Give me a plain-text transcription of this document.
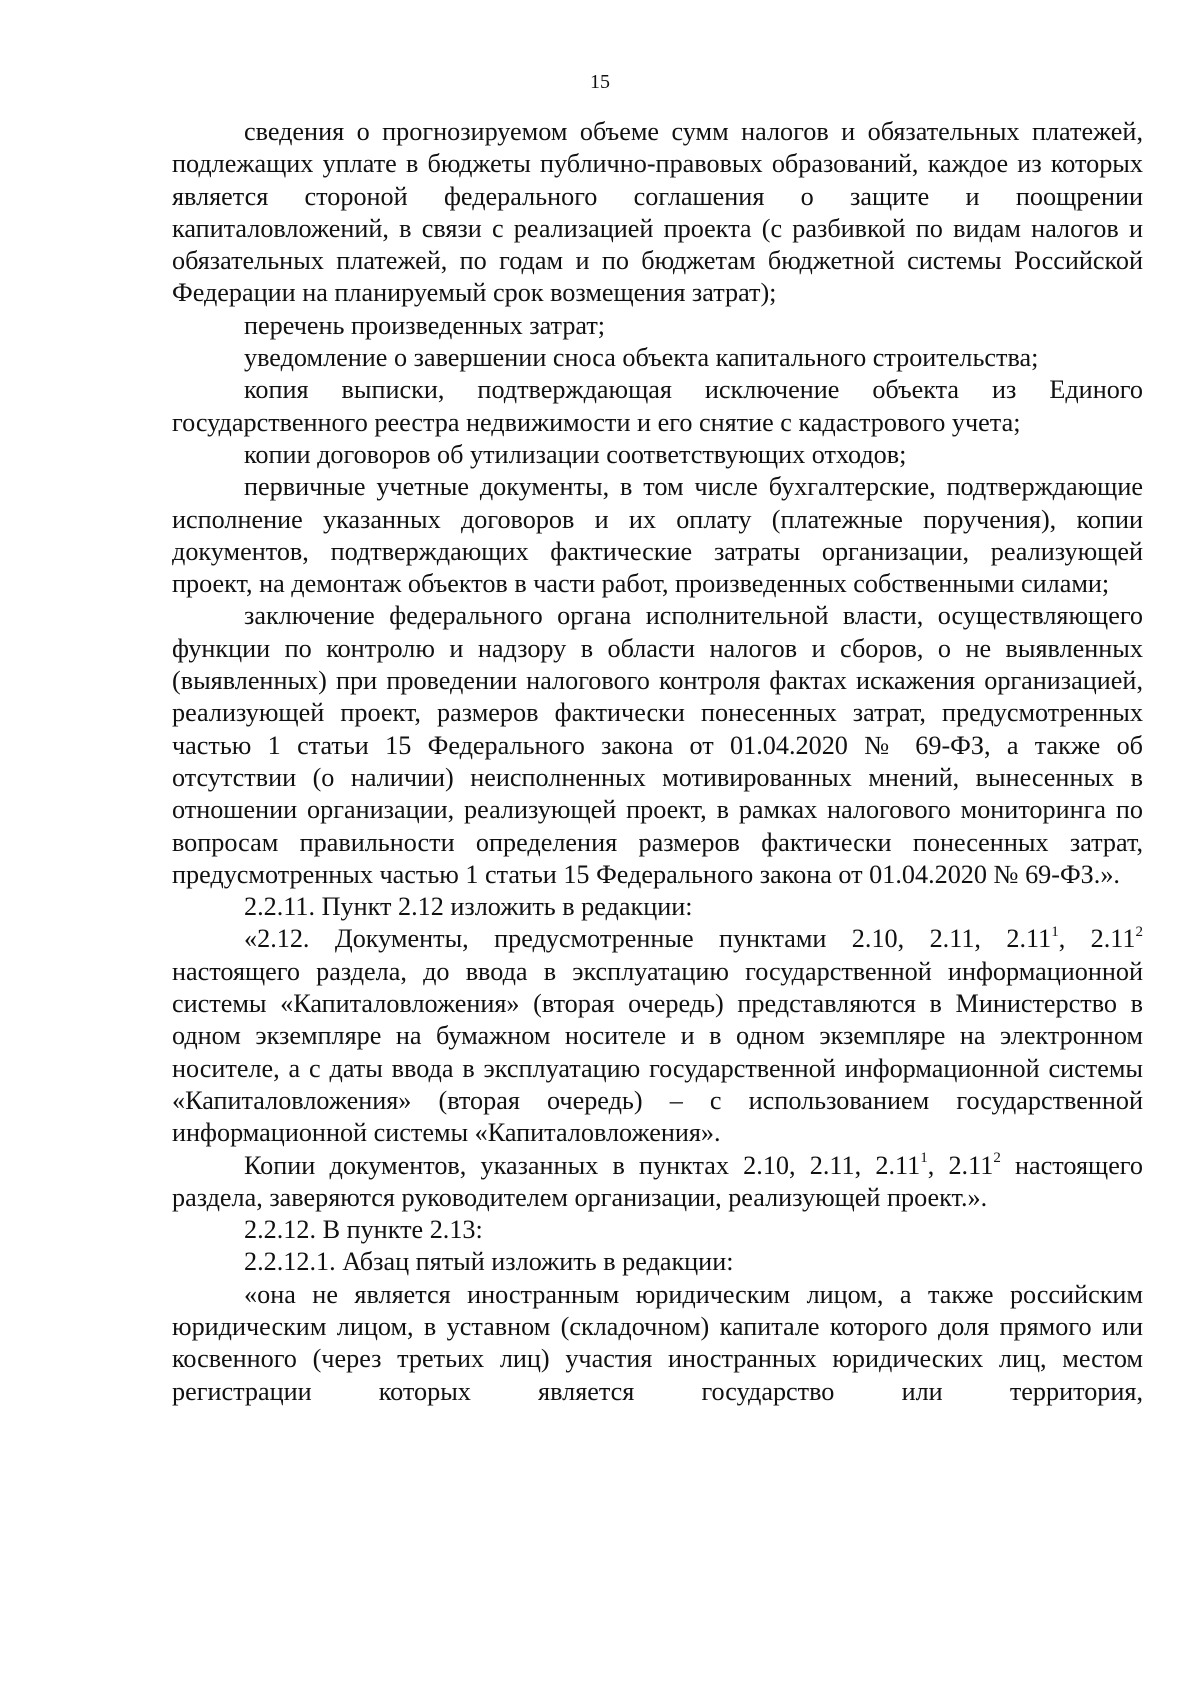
15

сведения о прогнозируемом объеме сумм налогов и обязательных платежей, подлежащих уплате в бюджеты публично-правовых образований, каждое из которых является стороной федерального соглашения о защите и поощрении капиталовложений, в связи с реализацией проекта (с разбивкой по видам налогов и обязательных платежей, по годам и по бюджетам бюджетной системы Российской Федерации на планируемый срок возмещения затрат);

перечень произведенных затрат;

уведомление о завершении сноса объекта капитального строительства;

копия выписки, подтверждающая исключение объекта из Единого государственного реестра недвижимости и его снятие с кадастрового учета;

копии договоров об утилизации соответствующих отходов;

первичные учетные документы, в том числе бухгалтерские, подтверждающие исполнение указанных договоров и их оплату (платежные поручения), копии документов, подтверждающих фактические затраты организации, реализующей проект, на демонтаж объектов в части работ, произведенных собственными силами;

заключение федерального органа исполнительной власти, осуществляющего функции по контролю и надзору в области налогов и сборов, о не выявленных (выявленных) при проведении налогового контроля фактах искажения организацией, реализующей проект, размеров фактически понесенных затрат, предусмотренных частью 1 статьи 15 Федерального закона от 01.04.2020 № 69-ФЗ, а также об отсутствии (о наличии) неисполненных мотивированных мнений, вынесенных в отношении организации, реализующей проект, в рамках налогового мониторинга по вопросам правильности определения размеров фактически понесенных затрат, предусмотренных частью 1 статьи 15 Федерального закона от 01.04.2020 № 69-ФЗ.».

2.2.11. Пункт 2.12 изложить в редакции:

«2.12. Документы, предусмотренные пунктами 2.10, 2.11, 2.11$^1$, 2.11$^2$ настоящего раздела, до ввода в эксплуатацию государственной информационной системы «Капиталовложения» (вторая очередь) представляются в Министерство в одном экземпляре на бумажном носителе и в одном экземпляре на электронном носителе, а с даты ввода в эксплуатацию государственной информационной системы «Капиталовложения» (вторая очередь) – с использованием государственной информационной системы «Капиталовложения».

Копии документов, указанных в пунктах 2.10, 2.11, 2.11$^1$, 2.11$^2$ настоящего раздела, заверяются руководителем организации, реализующей проект.».

2.2.12. В пункте 2.13:

2.2.12.1. Абзац пятый изложить в редакции:

«она не является иностранным юридическим лицом, а также российским юридическим лицом, в уставном (складочном) капитале которого доля прямого или косвенного (через третьих лиц) участия иностранных юридических лиц, местом регистрации которых является государство или территория,
